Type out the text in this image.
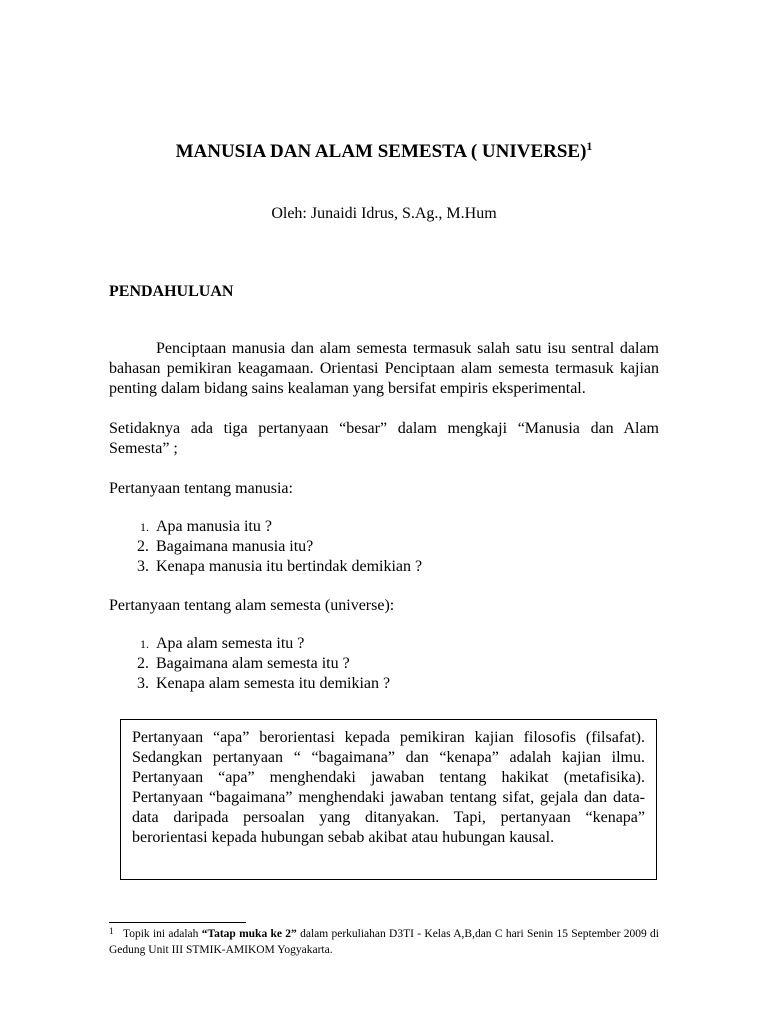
MANUSIA DAN ALAM SEMESTA ( UNIVERSE)$^1$
Oleh: Junaidi Idrus, S.Ag., M.Hum
PENDAHULUAN
Penciptaan manusia dan alam semesta termasuk salah satu isu sentral dalam bahasan pemikiran keagamaan. Orientasi Penciptaan alam semesta termasuk kajian penting dalam bidang sains kealaman yang bersifat empiris eksperimental.
Setidaknya ada tiga pertanyaan “besar” dalam mengkaji “Manusia dan Alam Semesta” ;
Pertanyaan tentang manusia:
1. Apa manusia itu ?
2. Bagaimana manusia itu?
3. Kenapa manusia itu bertindak demikian ?
Pertanyaan tentang alam semesta (universe):
1. Apa alam semesta itu ?
2. Bagaimana alam semesta itu ?
3. Kenapa alam semesta itu demikian ?
Pertanyaan “apa” berorientasi kepada pemikiran kajian filosofis (filsafat). Sedangkan pertanyaan “ “bagaimana” dan “kenapa” adalah kajian ilmu. Pertanyaan “apa” menghendaki jawaban tentang hakikat (metafisika). Pertanyaan “bagaimana” menghendaki jawaban tentang sifat, gejala dan data-data daripada persoalan yang ditanyakan. Tapi, pertanyaan “kenapa” berorientasi kepada hubungan sebab akibat atau hubungan kausal.
1 Topik ini adalah “Tatap muka ke 2” dalam perkuliahan D3TI - Kelas A,B,dan C hari Senin 15 September 2009 di Gedung Unit III STMIK-AMIKOM Yogyakarta.
